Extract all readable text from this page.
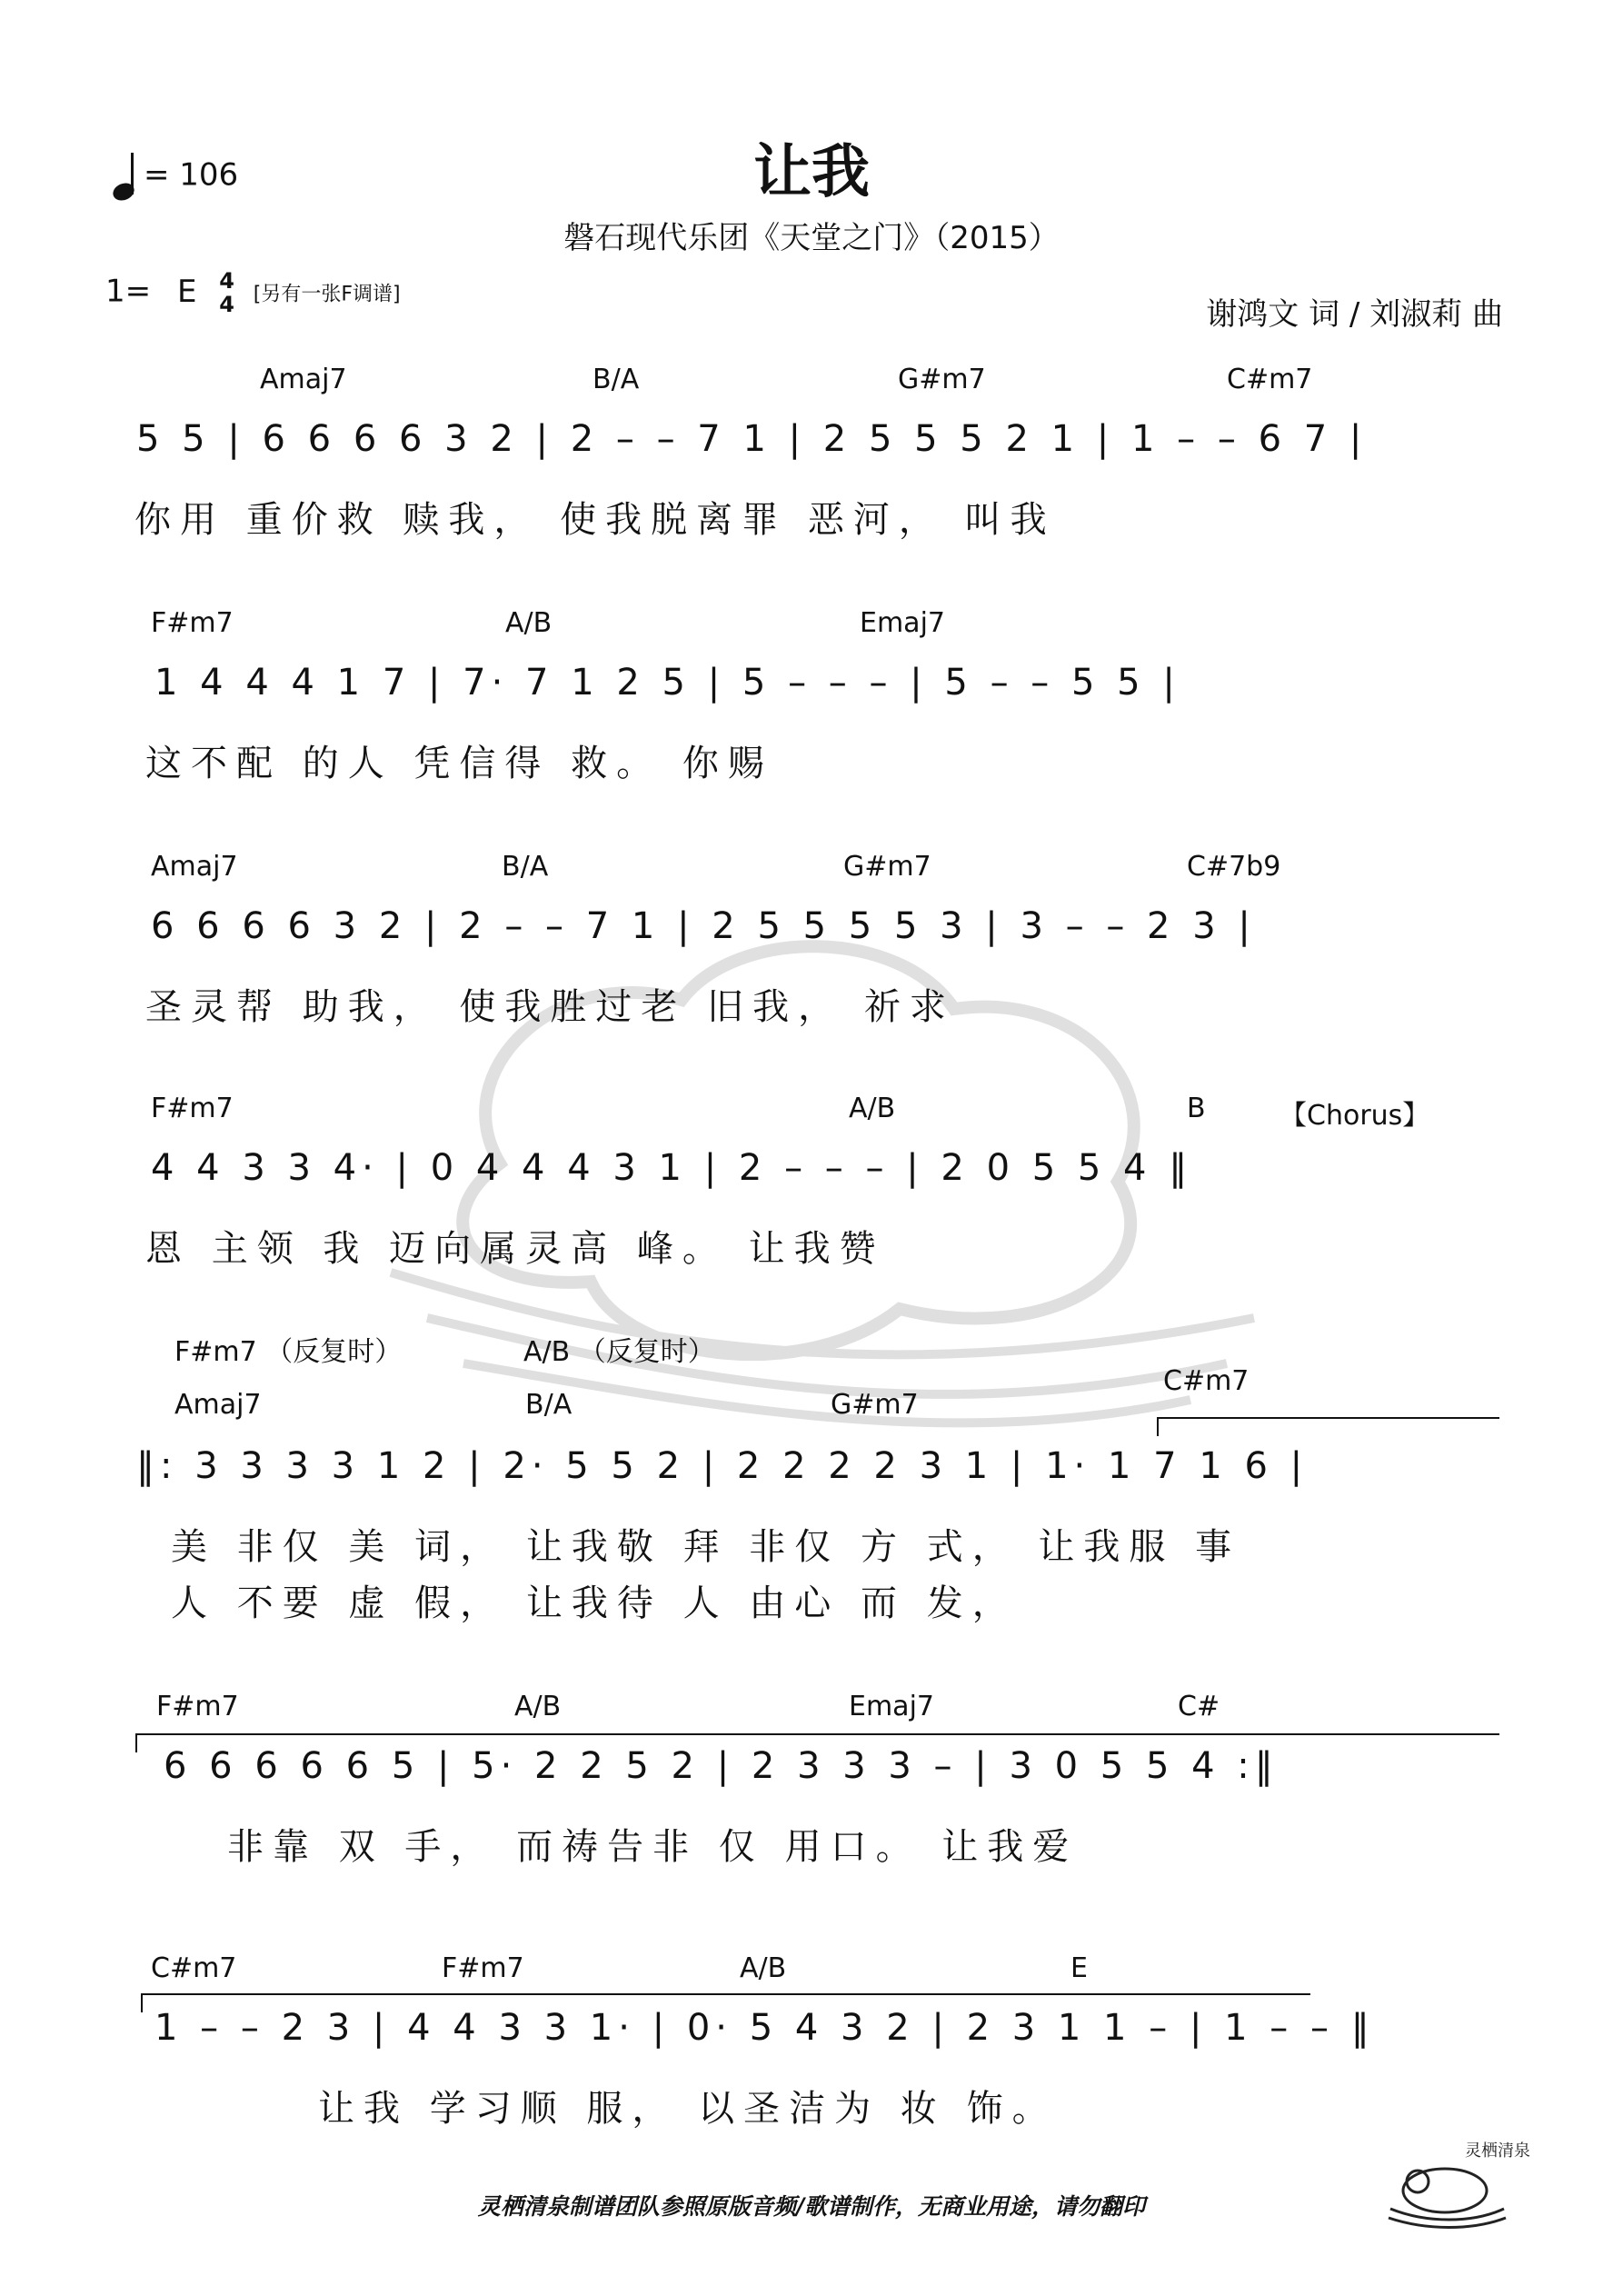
= 106	让我
磐石现代乐团《天堂之门》（2015）
1= E 4
4 [另有一张F调谱]
谢鸿文 词 / 刘淑莉 曲
Amaj7	B/A	G#m7	C#m7
5 5 | 6 6 6 6 3 2 | 2 – – 7 1 | 2 5 5 5 2 1 | 1 – – 6 7 |
你用 重价救 赎我， 使我脱离罪 恶河， 叫我
F#m7	A/B	Emaj7
1 4 4 4 1 7 | 7· 7 1 2 5 | 5 – – – | 5 – – 5 5 |
这不配 的人 凭信得 救。 你赐
Amaj7	B/A	G#m7	C#7b9
6 6 6 6 3 2 | 2 – – 7 1 | 2 5 5 5 5 3 | 3 – – 2 3 |
圣灵帮 助我， 使我胜过老 旧我， 祈求
F#m7	A/B	B	【Chorus】
4 4 3 3 4· | 0 4 4 4 3 1 | 2 – – – | 2 0 5 5 4 ‖
恩 主领 我 迈向属灵高 峰。 让我赞
F#m7 （反复时）	A/B （反复时）
Amaj7	B/A	G#m7
C#m7
‖: 3 3 3 3 1 2 | 2· 5 5 2 | 2 2 2 2 3 1 | 1· 1 7 1 6 |
美 非仅 美 词， 让我敬 拜 非仅 方 式， 让我服 事
人 不要 虚 假， 让我待 人 由心 而 发，
F#m7	A/B	Emaj7	C#
6 6 6 6 6 5 | 5· 2 2 5 2 | 2 3 3 3 – | 3 0 5 5 4 :‖
非靠 双 手， 而祷告非 仅 用口。 让我爱
C#m7	F#m7	A/B	E
1 – – 2 3 | 4 4 3 3 1· | 0· 5 4 3 2 | 2 3 1 1 – | 1 – – ‖
让我 学习顺 服， 以圣洁为 妆 饰。
灵栖清泉制谱团队参照原版音频/歌谱制作，无商业用途，请勿翻印
灵栖清泉
